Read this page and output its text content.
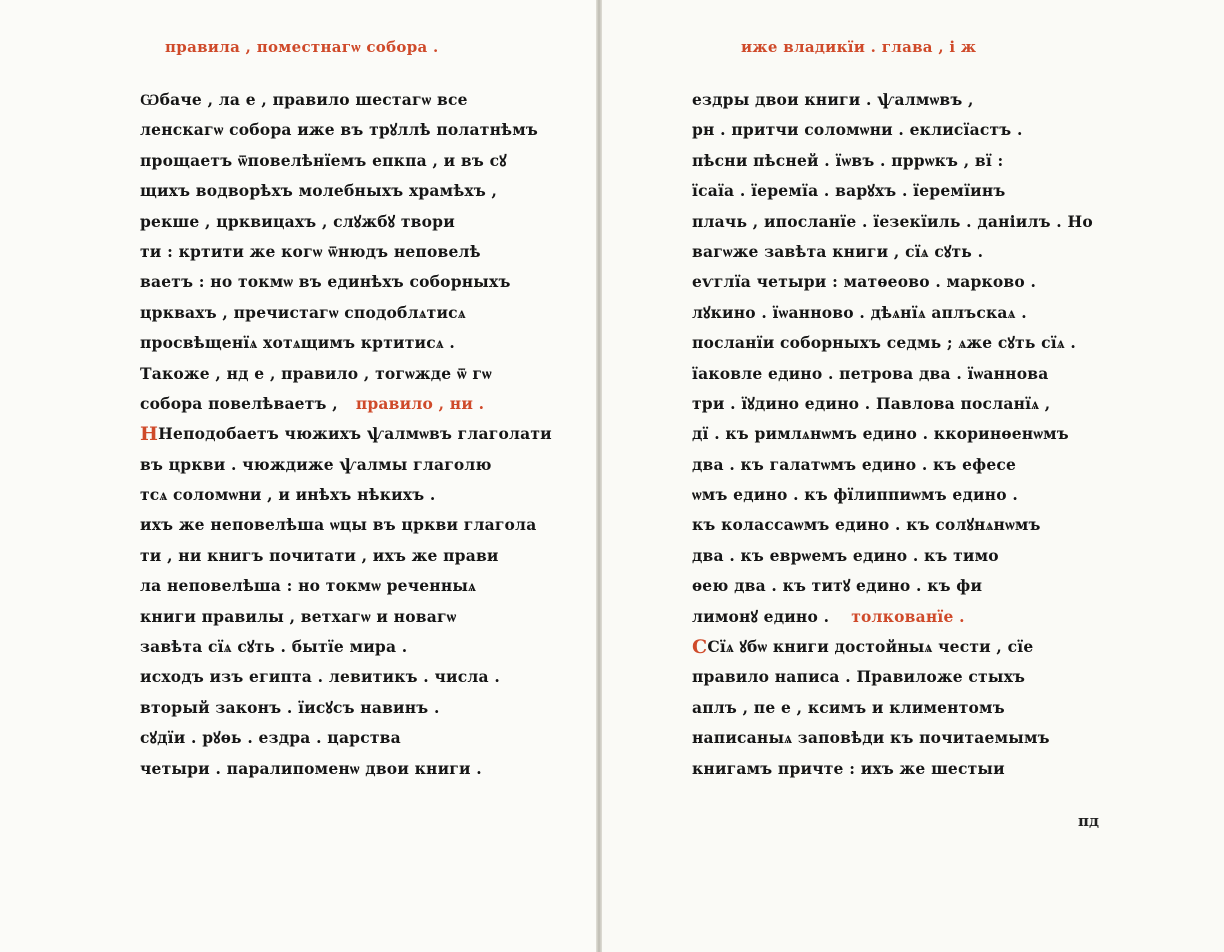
правила , поместнагѡ собора .
Ѡбаче , ла е , правило шестагѡ все
ленскагѡ собора иже въ трꙋллѣ полатнѣмъ
прощаетъ ѿповелѣнїемъ епкпа , и въ сꙋ
щихъ водворѣхъ молебныхъ храмѣхъ ,
рекше , црквицахъ , слꙋжбꙋ твори
ти : кртити же когѡ ѿнюдъ неповелѣ
ваетъ : но токмѡ въ единѣхъ соборныхъ
црквахъ , пречистагѡ сподоблѧтисѧ
просвѣщенїѧ хотѧщимъ кртитисѧ .
Такоже , нд е , правило , тогѡжде ѿ гѡ
собора повелѣваетъ , правило , ни .
Н Неподобаетъ чюжихъ ѱалмѡвъ глаголати
въ цркви . чюждиже ѱалмы глаголю
тсѧ соломѡни , и инѣхъ нѣкихъ .
ихъ же неповелѣша ѡцы въ цркви глагола
ти , ни книгъ почитати , ихъ же прави
ла неповелѣша : но токмѡ реченныѧ
книги правилы , ветхагѡ и новагѡ
завѣта сїѧ сꙋть . бытїе мира .
исходъ изъ египта . левитикъ . числа .
вторый законъ . їисꙋсъ навинъ .
сꙋдїи . рꙋѳь . ездра . царства
четыри . паралипоменѡ двои книги .
иже владикїи . глава , і ж
ездры двои книги . ѱалмѡвъ ,
рн . притчи соломѡни . еклисїастъ .
пѣсни пѣсней . їѡвъ . пррѡкъ , вї :
їсаїа . їеремїа . варꙋхъ . їеремїинъ
плачь , ипосланїе . їезекїиль . даніилъ . Но
вагѡже завѣта книги , сїѧ сꙋть .
еѵглїа четыри : матѳеово . марково .
лꙋкино . їѡанново . дѣѧнїѧ аплъскаѧ .
посланїи соборныхъ седмь ; ѧже сꙋть сїѧ .
їаковле едино . петрова два . їѡаннова
три . їꙋдино едино . Павлова посланїѧ ,
дї . къ римлѧнѡмъ едино . ккоринѳенѡмъ
два . къ галатѡмъ едино . къ ефесе
ѡмъ едино . къ фїлиппиѡмъ едино .
къ колассаѡмъ едино . къ солꙋнѧнѡмъ
два . къ еврѡемъ едино . къ тимо
ѳею два . къ титꙋ едино . къ фи
лимонꙋ едино . толкованїе .
С Сїѧ ꙋбѡ книги достойныѧ чести , сїе
правило написа . Правиложе стыхъ
аплъ , пе е , ксимъ и климентомъ
написаныѧ заповѣди къ почитаемымъ
книгамъ причте : ихъ же шестыи
пд
